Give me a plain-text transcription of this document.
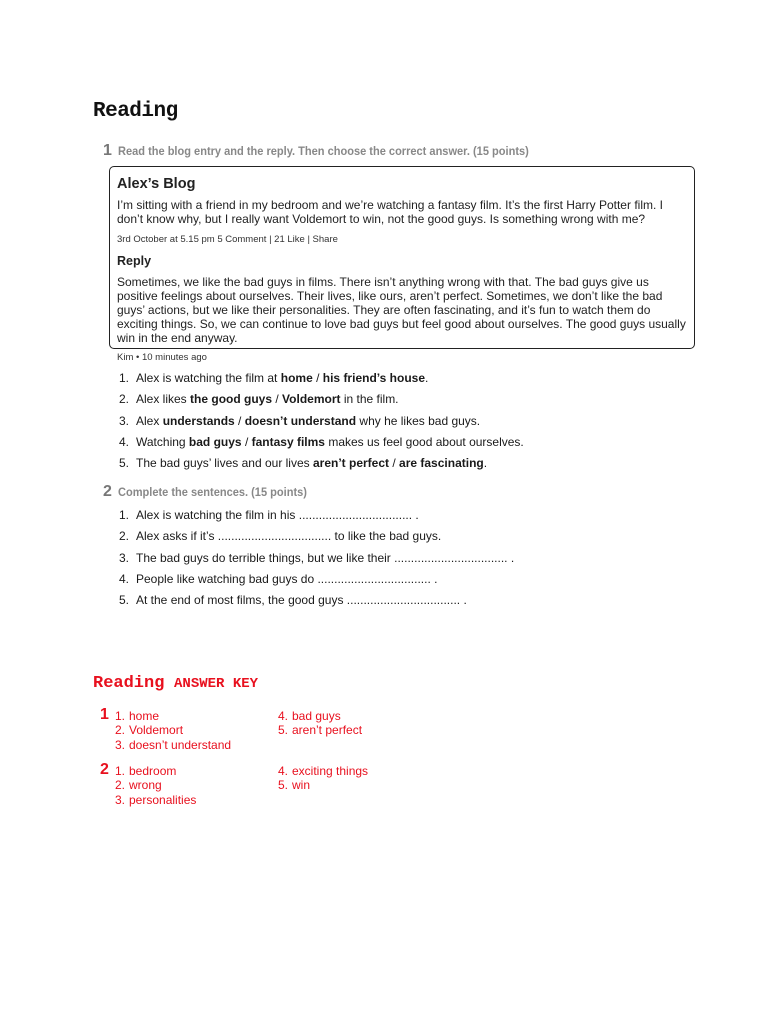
Reading
1 Read the blog entry and the reply. Then choose the correct answer. (15 points)
Alex’s Blog
I’m sitting with a friend in my bedroom and we’re watching a fantasy film. It’s the first Harry Potter film. I don’t know why, but I really want Voldemort to win, not the good guys. Is something wrong with me?
3rd October at 5.15 pm 5 Comment | 21 Like | Share
Reply
Sometimes, we like the bad guys in films. There isn’t anything wrong with that. The bad guys give us positive feelings about ourselves. Their lives, like ours, aren’t perfect. Sometimes, we don’t like the bad guys’ actions, but we like their personalities. They are often fascinating, and it’s fun to watch them do exciting things. So, we can continue to love bad guys but feel good about ourselves. The good guys usually win in the end anyway.
Kim • 10 minutes ago
1. Alex is watching the film at home / his friend’s house .
2. Alex likes the good guys / Voldemort in the film.
3. Alex understands / doesn’t understand why he likes bad guys.
4. Watching bad guys / fantasy films makes us feel good about ourselves.
5. The bad guys’ lives and our lives aren’t perfect / are fascinating .
2 Complete the sentences. (15 points)
1. Alex is watching the film in his .................................. .
2. Alex asks if it’s .................................. to like the bad guys.
3. The bad guys do terrible things, but we like their .................................. .
4. People like watching bad guys do .................................. .
5. At the end of most films, the good guys .................................. .
Reading ANSWER KEY
1 1. home
2. Voldemort
3. doesn’t understand
4. bad guys
5. aren’t perfect
2 1. bedroom
2. wrong
3. personalities
4. exciting things
5. win
